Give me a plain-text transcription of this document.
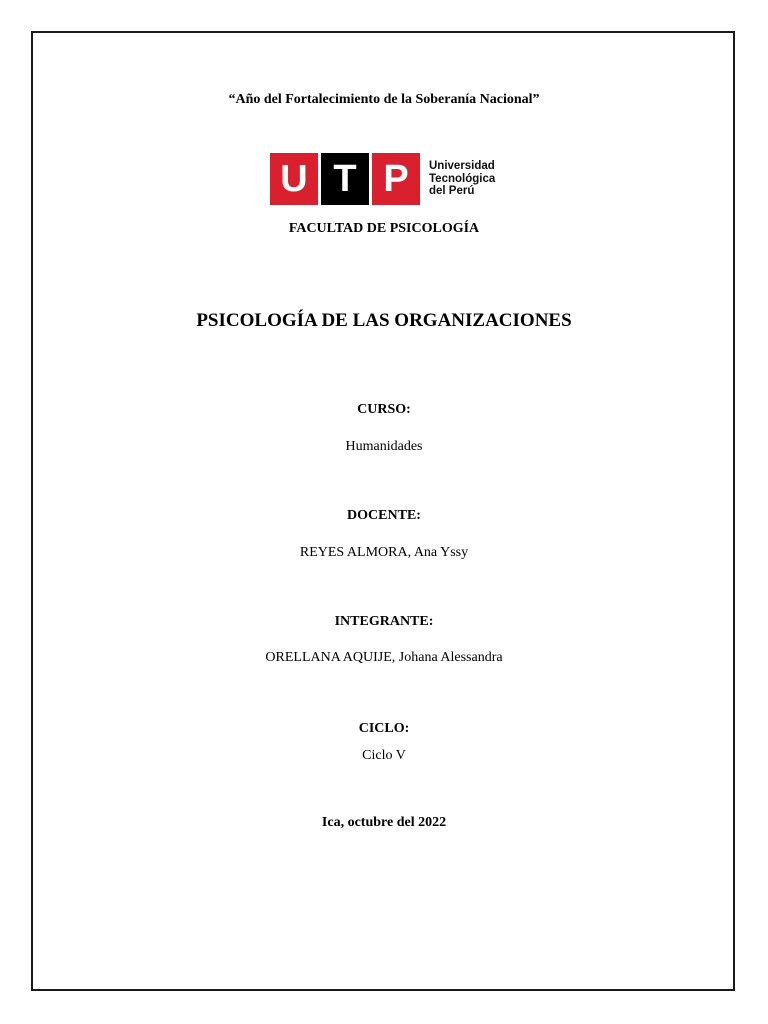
“Año del Fortalecimiento de la Soberanía Nacional”
U T P	Universidad
Tecnológica
del Perú
FACULTAD DE PSICOLOGÍA
PSICOLOGÍA DE LAS ORGANIZACIONES
CURSO:
Humanidades
DOCENTE:
REYES ALMORA, Ana Yssy
INTEGRANTE:
ORELLANA AQUIJE, Johana Alessandra
CICLO:
Ciclo V
Ica, octubre del 2022
